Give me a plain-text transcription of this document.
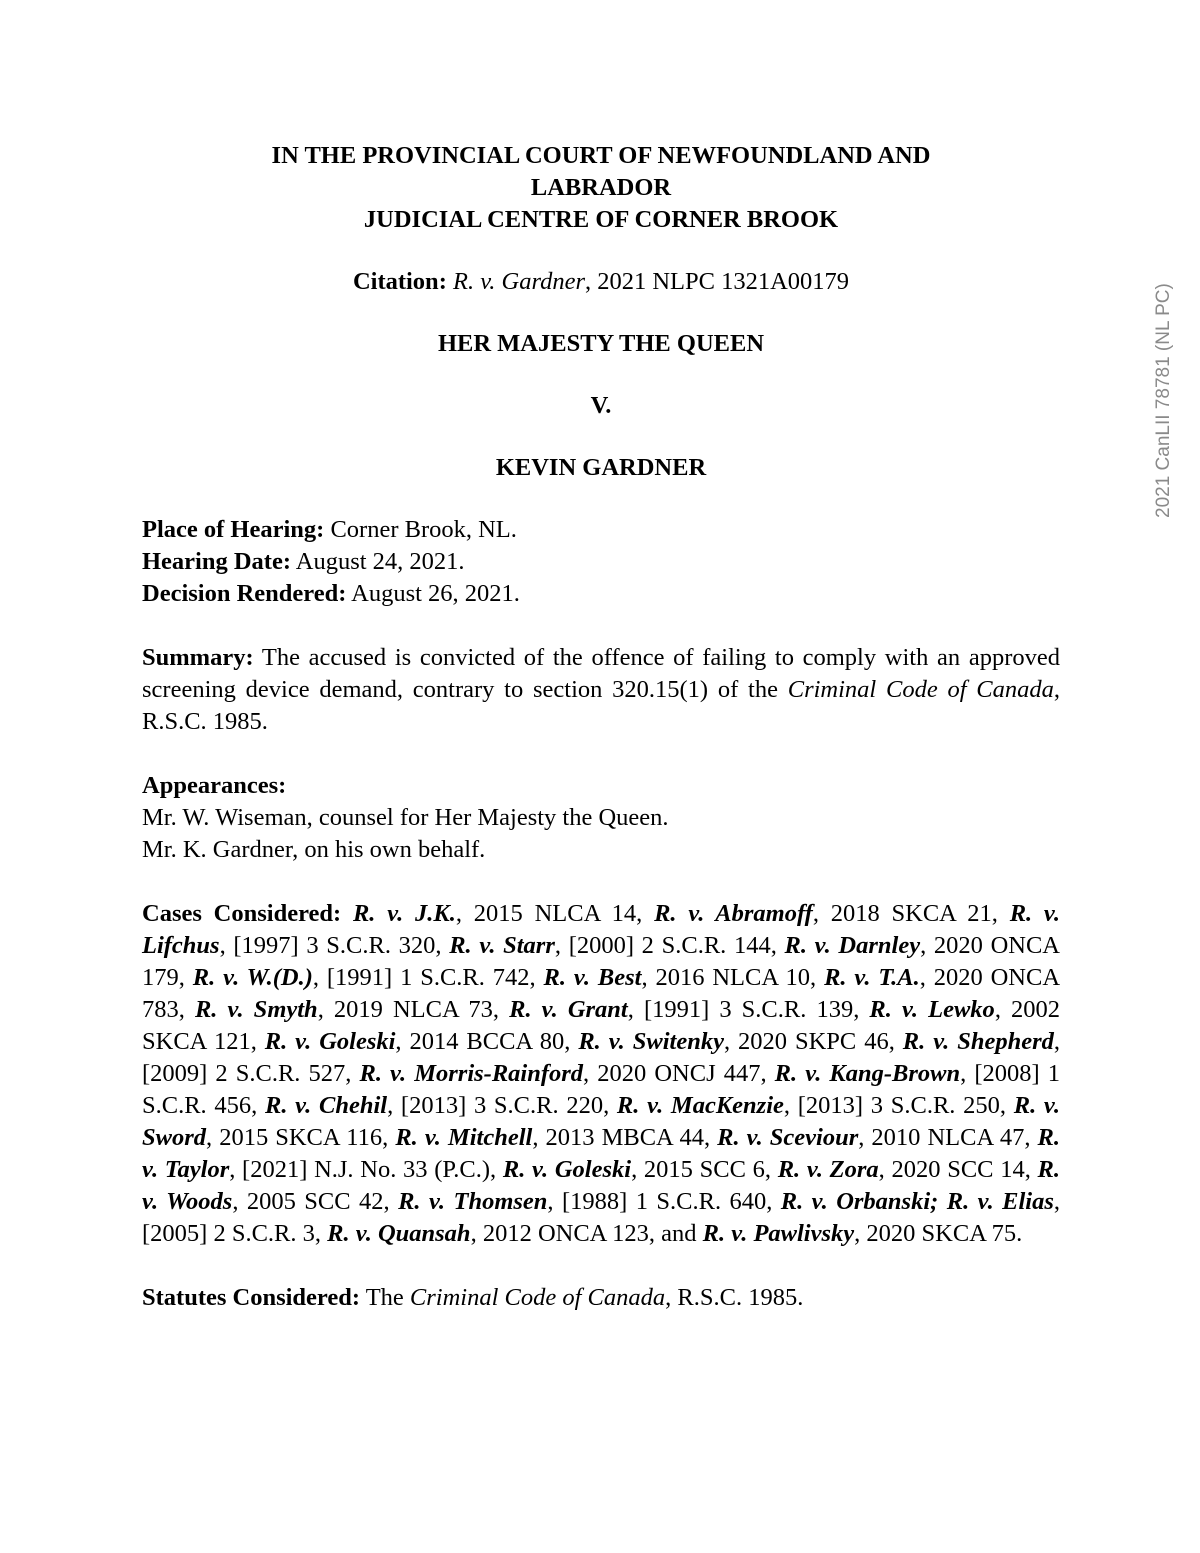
2021 CanLII 78781 (NL PC)
IN THE PROVINCIAL COURT OF NEWFOUNDLAND AND
LABRADOR
JUDICIAL CENTRE OF CORNER BROOK
Citation: R. v. Gardner, 2021 NLPC 1321A00179
HER MAJESTY THE QUEEN
V.
KEVIN GARDNER
Place of Hearing: Corner Brook, NL.
Hearing Date: August 24, 2021.
Decision Rendered: August 26, 2021.

Summary: The accused is convicted of the offence of failing to comply with an approved screening device demand, contrary to section 320.15(1) of the Criminal Code of Canada, R.S.C. 1985.

Appearances:
Mr. W. Wiseman, counsel for Her Majesty the Queen.
Mr. K. Gardner, on his own behalf.

Cases Considered: R. v. J.K., 2015 NLCA 14, R. v. Abramoff, 2018 SKCA 21, R. v. Lifchus, [1997] 3 S.C.R. 320, R. v. Starr, [2000] 2 S.C.R. 144, R. v. Darnley, 2020 ONCA 179, R. v. W.(D.), [1991] 1 S.C.R. 742, R. v. Best, 2016 NLCA 10, R. v. T.A., 2020 ONCA 783, R. v. Smyth, 2019 NLCA 73, R. v. Grant, [1991] 3 S.C.R. 139, R. v. Lewko, 2002 SKCA 121, R. v. Goleski, 2014 BCCA 80, R. v. Switenky, 2020 SKPC 46, R. v. Shepherd, [2009] 2 S.C.R. 527, R. v. Morris-Rainford, 2020 ONCJ 447, R. v. Kang-Brown, [2008] 1 S.C.R. 456, R. v. Chehil, [2013] 3 S.C.R. 220, R. v. MacKenzie, [2013] 3 S.C.R. 250, R. v. Sword, 2015 SKCA 116, R. v. Mitchell, 2013 MBCA 44, R. v. Sceviour, 2010 NLCA 47, R. v. Taylor, [2021] N.J. No. 33 (P.C.), R. v. Goleski, 2015 SCC 6, R. v. Zora, 2020 SCC 14, R. v. Woods, 2005 SCC 42, R. v. Thomsen, [1988] 1 S.C.R. 640, R. v. Orbanski; R. v. Elias, [2005] 2 S.C.R. 3, R. v. Quansah, 2012 ONCA 123, and R. v. Pawlivsky, 2020 SKCA 75.

Statutes Considered: The Criminal Code of Canada, R.S.C. 1985.
